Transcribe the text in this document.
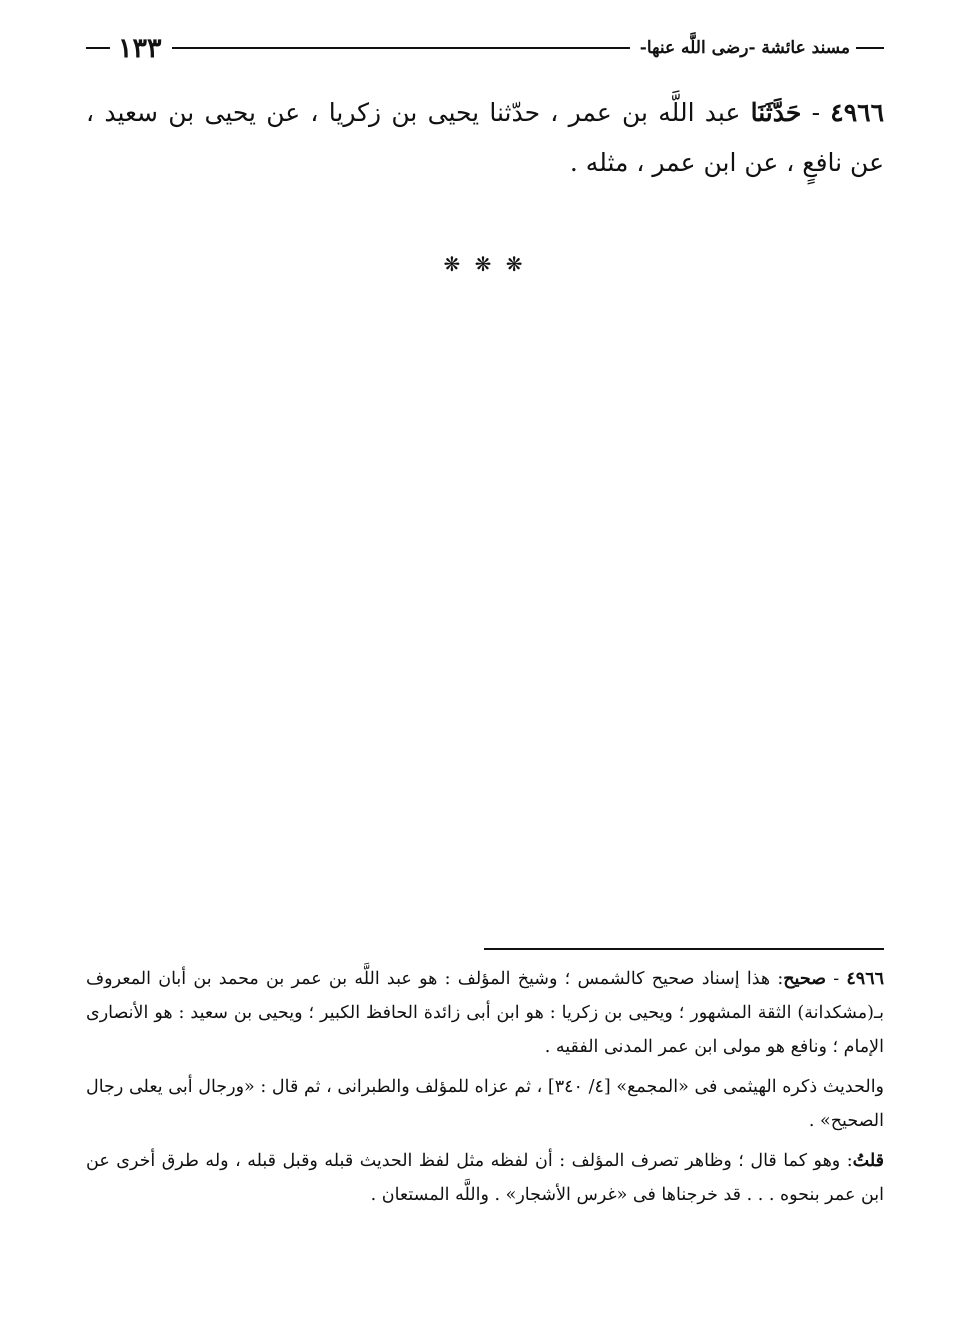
مسند عائشة -رضى اللَّه عنها-
١٣٣
٤٩٦٦ - حَدَّثَنَا عبد اللَّه بن عمر ، حدّثنا يحيى بن زكريا ، عن يحيى بن سعيد ، عن نافعٍ ، عن ابن عمر ، مثله .
❋ ❋ ❋

٤٩٦٦ - صحيح: هذا إسناد صحيح كالشمس ؛ وشيخ المؤلف : هو عبد اللَّه بن عمر بن محمد بن أبان المعروف بـ(مشكدانة) الثقة المشهور ؛ ويحيى بن زكريا : هو ابن أبى زائدة الحافظ الكبير ؛ ويحيى بن سعيد : هو الأنصارى الإمام ؛ ونافع هو مولى ابن عمر المدنى الفقيه .

والحديث ذكره الهيثمى فى «المجمع» [٤/ ٣٤٠] ، ثم عزاه للمؤلف والطبرانى ، ثم قال : «ورجال أبى يعلى رجال الصحيح» .

قلتُ: وهو كما قال ؛ وظاهر تصرف المؤلف : أن لفظه مثل لفظ الحديث قبله وقبل قبله ، وله طرق أخرى عن ابن عمر بنحوه . . . قد خرجناها فى «غرس الأشجار» . واللَّه المستعان .
